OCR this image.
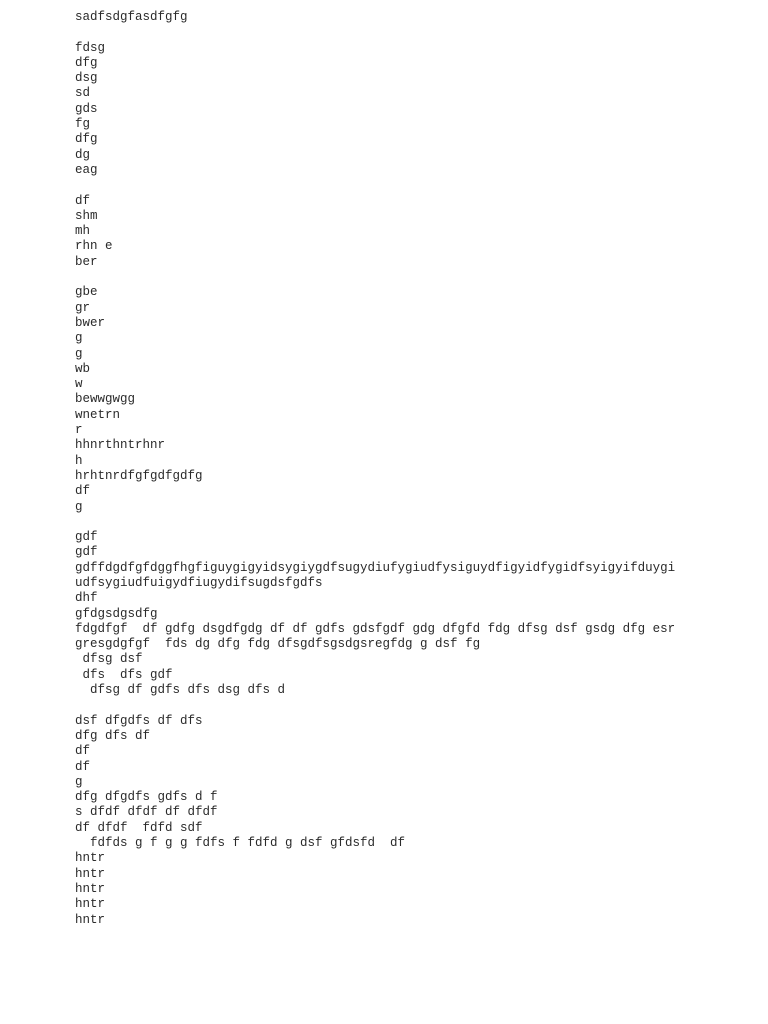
sadfsdgfasdfgfg
fdsg
dfg
dsg
sd
gds
fg
dfg
dg
eag
df
shm
mh
rhn e
ber
gbe
gr
bwer
g
g
wb
w
bewwgwgg
wnetrn
r
hhnrthntrhnr
h
hrhtnrdfgfgdfgdfg
df
g
gdf
gdf
gdffdgdfgfdggfhgfiguygigyidsygiygdfsugydiufygiudfysiguydfigyidfygidfsyigyifduygi
udfsygiudfuigydfiugydifsugdsfgdfs
dhf
gfdgsdgsdfg
fdgdfgf  df gdfg dsgdfgdg df df gdfs gdsfgdf gdg dfgfd fdg dfsg dsf gsdg dfg esr
gresgdgfgf  fds dg dfg fdg dfsgdfsgsdgsregfdg g dsf fg
dfsg dsf
dfs  dfs gdf
dfsg df gdfs dfs dsg dfs d
dsf dfgdfs df dfs
dfg dfs df
df
df
g
dfg dfgdfs gdfs d f
s dfdf dfdf df dfdf
df dfdf  fdfd sdf
fdfds g f g g fdfs f fdfd g dsf gfdsfd  df
hntr
hntr
hntr
hntr
hntr
